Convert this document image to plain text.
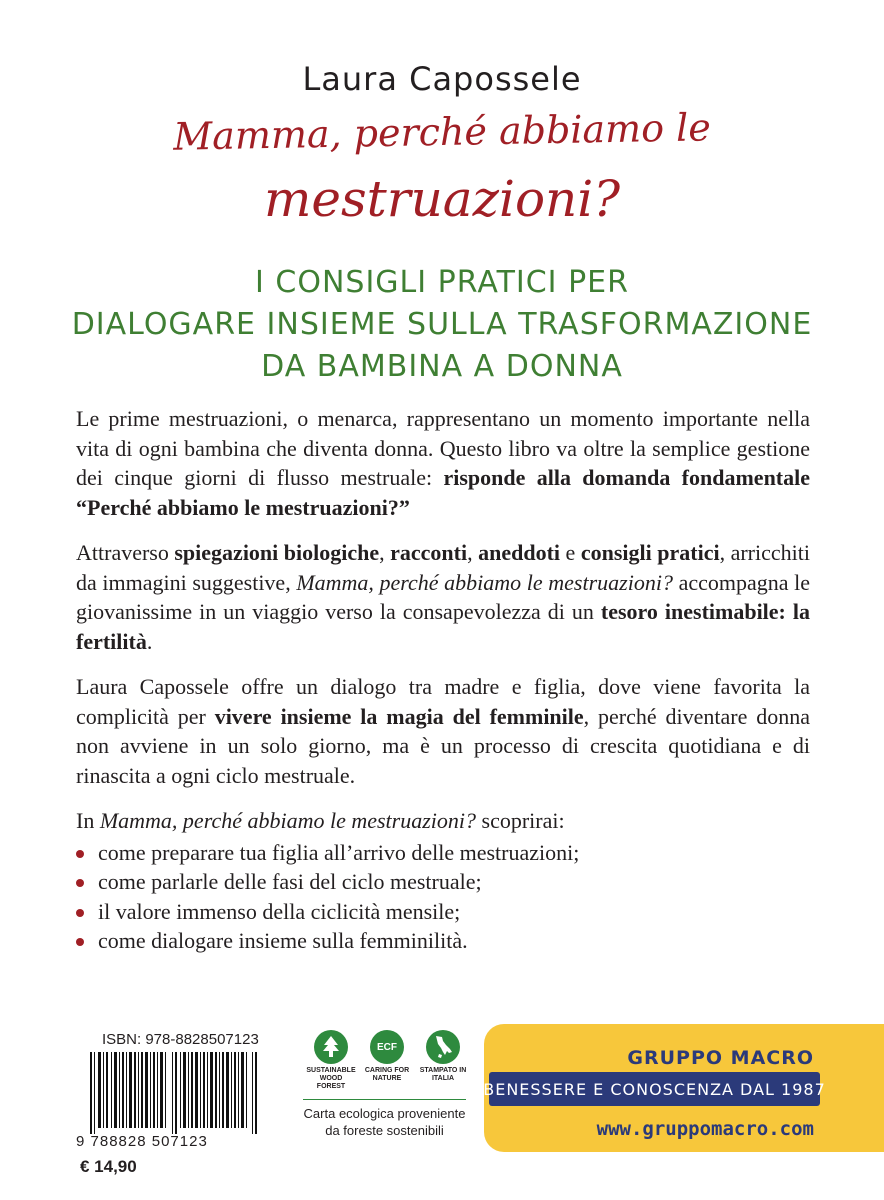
Laura Capossele
Mamma, perché abbiamo le
mestruazioni?
I CONSIGLI PRATICI PER
DIALOGARE INSIEME SULLA TRASFORMAZIONE
DA BAMBINA A DONNA

Le prime mestruazioni, o menarca, rappresentano un momento importante nella vita di ogni bambina che diventa donna. Questo libro va oltre la semplice gestione dei cinque giorni di flusso mestruale: risponde alla domanda fondamentale “Perché abbiamo le mestruazioni?”

Attraverso spiegazioni biologiche, racconti, aneddoti e consigli pratici, arricchiti da immagini suggestive, Mamma, perché abbiamo le mestruazioni? accompagna le giovanissime in un viaggio verso la consapevolezza di un tesoro inestimabile: la fertilità.

Laura Capossele offre un dialogo tra madre e figlia, dove viene favorita la complicità per vivere insieme la magia del femminile, perché diventare donna non avviene in un solo giorno, ma è un processo di crescita quotidiana e di rinascita a ogni ciclo mestruale.

In Mamma, perché abbiamo le mestruazioni? scoprirai:

come preparare tua figlia all’arrivo delle mestruazioni;
come parlarle delle fasi del ciclo mestruale;
il valore immenso della ciclicità mensile;
come dialogare insieme sulla femminilità.
ISBN: 978-8828507123
9 788828 507123
€ 14,90
SUSTAINABLE WOOD FOREST
ECF
CARING FOR NATURE
STAMPATO IN ITALIA
Carta ecologica proveniente da foreste sostenibili
GRUPPO MACRO
BENESSERE E CONOSCENZA DAL 1987
www.gruppomacro.com
